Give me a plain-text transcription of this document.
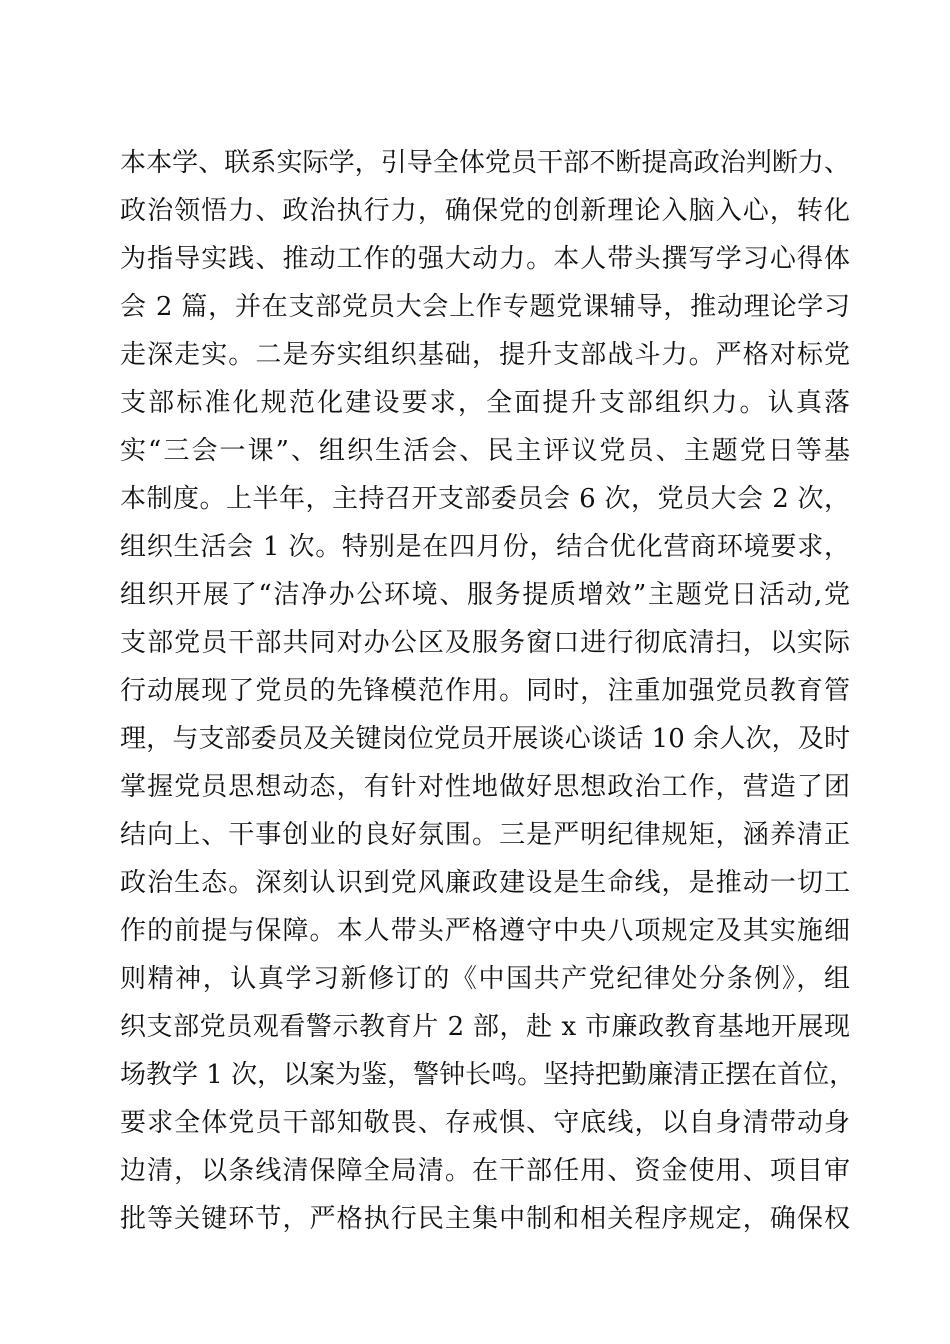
本本学、联系实际学，引导全体党员干部不断提高政治判断力、
政治领悟力、政治执行力，确保党的创新理论入脑入心，转化
为指导实践、推动工作的强大动力。本人带头撰写学习心得体
会 2 篇，并在支部党员大会上作专题党课辅导，推动理论学习
走深走实。二是夯实组织基础，提升支部战斗力。严格对标党
支部标准化规范化建设要求，全面提升支部组织力。认真落
实“三会一课”、组织生活会、民主评议党员、主题党日等基
本制度。上半年，主持召开支部委员会 6 次，党员大会 2 次，
组织生活会 1 次。特别是在四月份，结合优化营商环境要求，
组织开展了“洁净办公环境、服务提质增效”主题党日活动,党
支部党员干部共同对办公区及服务窗口进行彻底清扫，以实际
行动展现了党员的先锋模范作用。同时，注重加强党员教育管
理，与支部委员及关键岗位党员开展谈心谈话 10 余人次，及时
掌握党员思想动态，有针对性地做好思想政治工作，营造了团
结向上、干事创业的良好氛围。三是严明纪律规矩，涵养清正
政治生态。深刻认识到党风廉政建设是生命线，是推动一切工
作的前提与保障。本人带头严格遵守中央八项规定及其实施细
则精神，认真学习新修订的《中国共产党纪律处分条例》，组
织支部党员观看警示教育片 2 部，赴 x 市廉政教育基地开展现
场教学 1 次，以案为鉴，警钟长鸣。坚持把勤廉清正摆在首位，
要求全体党员干部知敬畏、存戒惧、守底线，以自身清带动身
边清，以条线清保障全局清。在干部任用、资金使用、项目审
批等关键环节，严格执行民主集中制和相关程序规定，确保权
